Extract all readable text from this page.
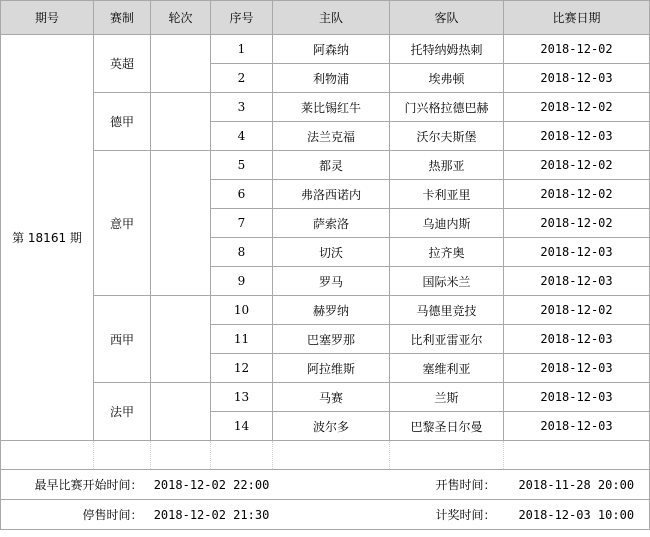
期号	赛制	轮次	序号	主队	客队	比赛日期
第 18161 期	英超		1	阿森纳	托特纳姆热刺	2018-12-02
			2	利物浦	埃弗顿	2018-12-03
	德甲		3	莱比锡红牛	门兴格拉德巴赫	2018-12-02
			4	法兰克福	沃尔夫斯堡	2018-12-03
	意甲		5	都灵	热那亚	2018-12-02
			6	弗洛西诺内	卡利亚里	2018-12-02
			7	萨索洛	乌迪内斯	2018-12-02
			8	切沃	拉齐奥	2018-12-03
			9	罗马	国际米兰	2018-12-03
	西甲		10	赫罗纳	马德里竞技	2018-12-02
			11	巴塞罗那	比利亚雷亚尔	2018-12-03
			12	阿拉维斯	塞维利亚	2018-12-03
	法甲		13	马赛	兰斯	2018-12-03
			14	波尔多	巴黎圣日尔曼	2018-12-03

最早比赛开始时间：		2018-12-02 22:00			开售时间：	2018-11-28 20:00
停售时间：		2018-12-02 21:30			计奖时间：	2018-12-03 10:00
